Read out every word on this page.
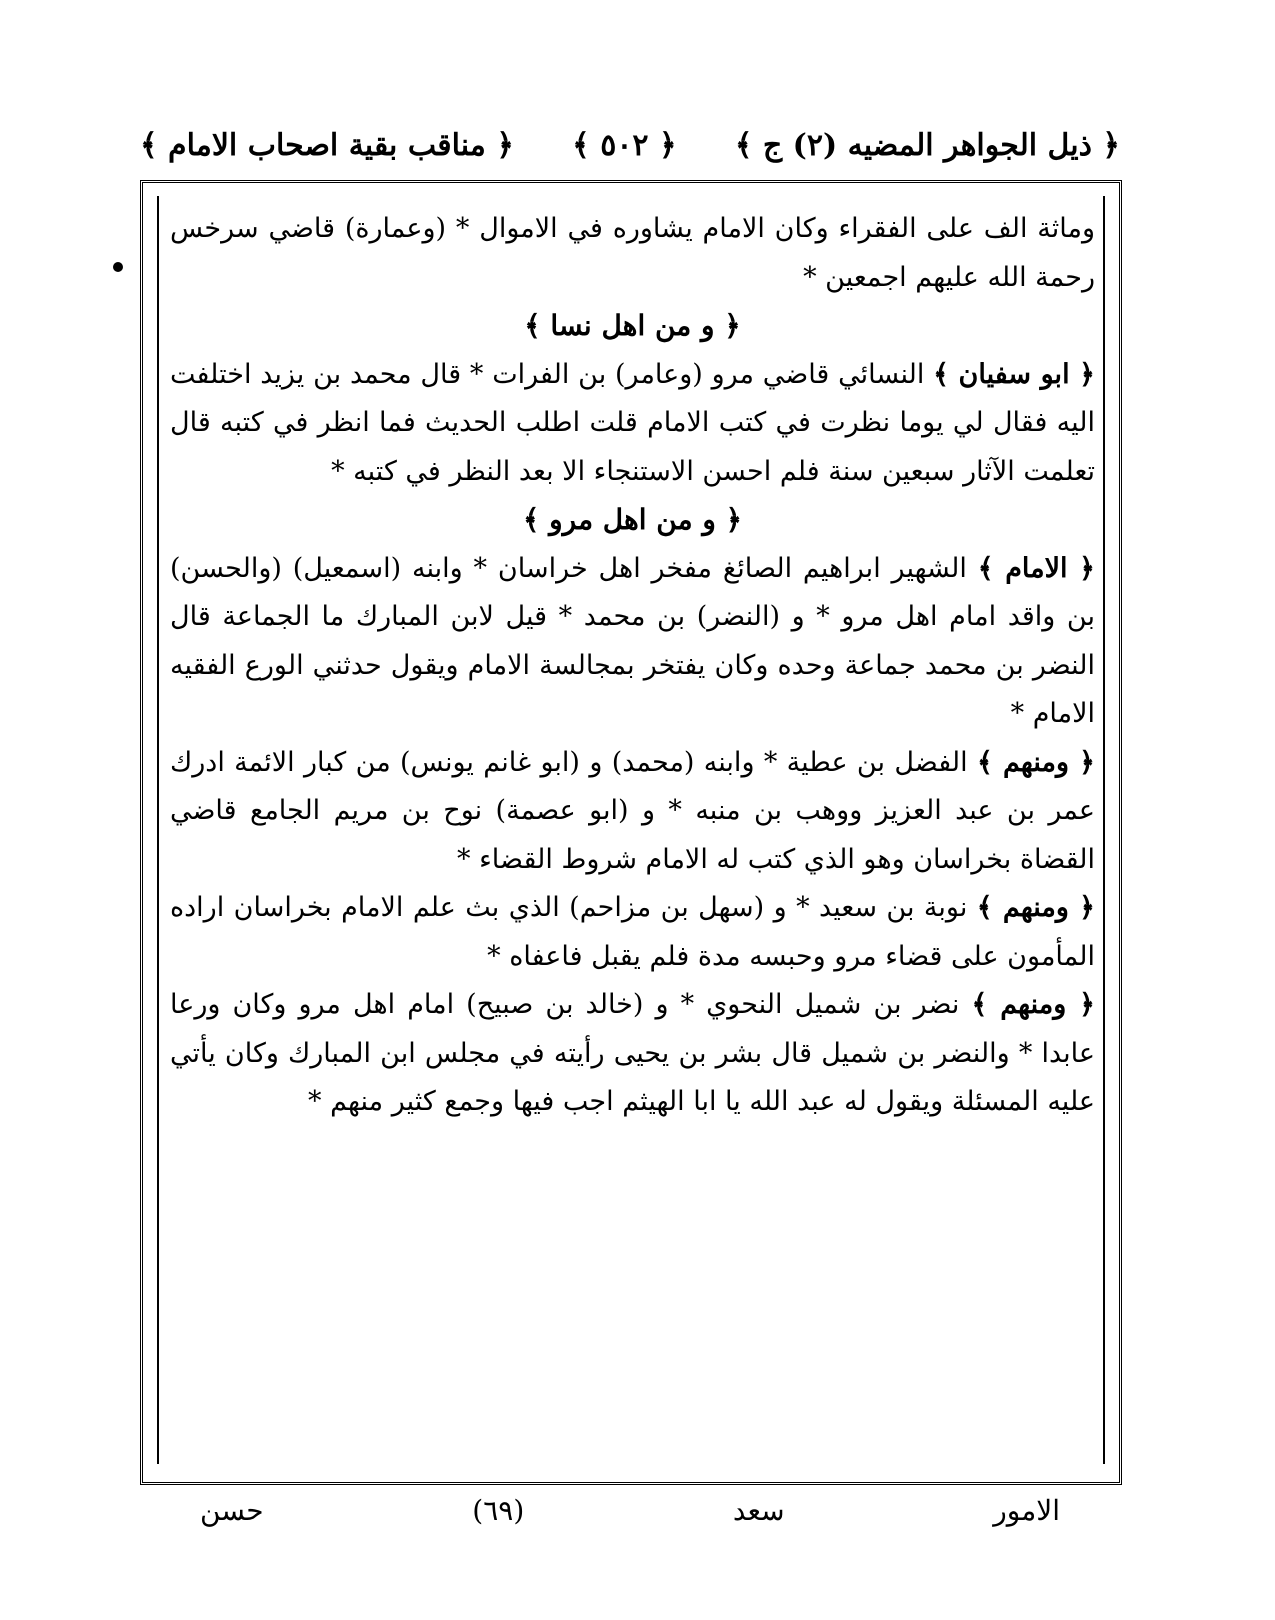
﴿ ذيل الجواهر المضيه (٢) ج ﴾
﴿ ٥٠٢ ﴾
﴿ مناقب بقية اصحاب الامام ﴾

وماثة الف على الفقراء وكان الامام يشاوره في الاموال * (وعمارة) قاضي سرخس رحمة الله عليهم اجمعين *

﴿ و من اهل نسا ﴾

﴿ ابو سفيان ﴾ النسائي قاضي مرو (وعامر) بن الفرات * قال محمد بن يزيد اختلفت اليه فقال لي يوما نظرت في كتب الامام قلت اطلب الحديث فما انظر في كتبه قال تعلمت الآثار سبعين سنة فلم احسن الاستنجاء الا بعد النظر في كتبه *

﴿ و من اهل مرو ﴾

﴿ الامام ﴾ الشهير ابراهيم الصائغ مفخر اهل خراسان * وابنه (اسمعيل) (والحسن) بن واقد امام اهل مرو * و (النضر) بن محمد * قيل لابن المبارك ما الجماعة قال النضر بن محمد جماعة وحده وكان يفتخر بمجالسة الامام ويقول حدثني الورع الفقيه الامام *

﴿ ومنهم ﴾ الفضل بن عطية * وابنه (محمد) و (ابو غانم يونس) من كبار الائمة ادرك عمر بن عبد العزيز ووهب بن منبه * و (ابو عصمة) نوح بن مريم الجامع قاضي القضاة بخراسان وهو الذي كتب له الامام شروط القضاء *

﴿ ومنهم ﴾ نوبة بن سعيد * و (سهل بن مزاحم) الذي بث علم الامام بخراسان اراده المأمون على قضاء مرو وحبسه مدة فلم يقبل فاعفاه *

﴿ ومنهم ﴾ نضر بن شميل النحوي * و (خالد بن صبيح) امام اهل مرو وكان ورعا عابدا * والنضر بن شميل قال بشر بن يحيى رأيته في مجلس ابن المبارك وكان يأتي عليه المسئلة ويقول له عبد الله يا ابا الهيثم اجب فيها وجمع كثير منهم *

الامور
سعد
(٦٩)
حسن
